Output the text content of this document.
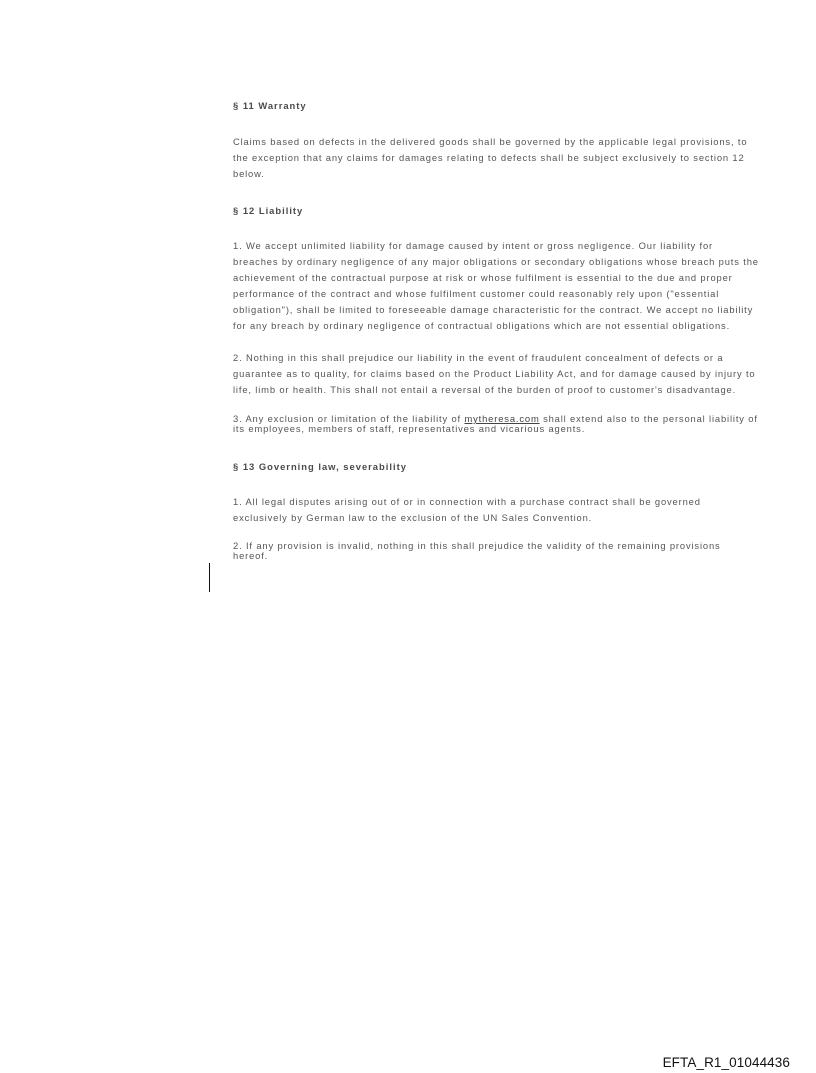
§ 11 Warranty
Claims based on defects in the delivered goods shall be governed by the applicable legal provisions, to
the exception that any claims for damages relating to defects shall be subject exclusively to section 12
below.
§ 12 Liability
1. We accept unlimited liability for damage caused by intent or gross negligence. Our liability for
breaches by ordinary negligence of any major obligations or secondary obligations whose breach puts the
achievement of the contractual purpose at risk or whose fulfilment is essential to the due and proper
performance of the contract and whose fulfilment customer could reasonably rely upon ("essential
obligation"), shall be limited to foreseeable damage characteristic for the contract. We accept no liability
for any breach by ordinary negligence of contractual obligations which are not essential obligations.
2. Nothing in this shall prejudice our liability in the event of fraudulent concealment of defects or a
guarantee as to quality, for claims based on the Product Liability Act, and for damage caused by injury to
life, limb or health. This shall not entail a reversal of the burden of proof to customer's disadvantage.
3. Any exclusion or limitation of the liability of mytheresa.com shall extend also to the personal liability of
its employees, members of staff, representatives and vicarious agents.
§ 13 Governing law, severability
1. All legal disputes arising out of or in connection with a purchase contract shall be governed
exclusively by German law to the exclusion of the UN Sales Convention.
2. If any provision is invalid, nothing in this shall prejudice the validity of the remaining provisions
hereof.
EFTA_R1_01044436
